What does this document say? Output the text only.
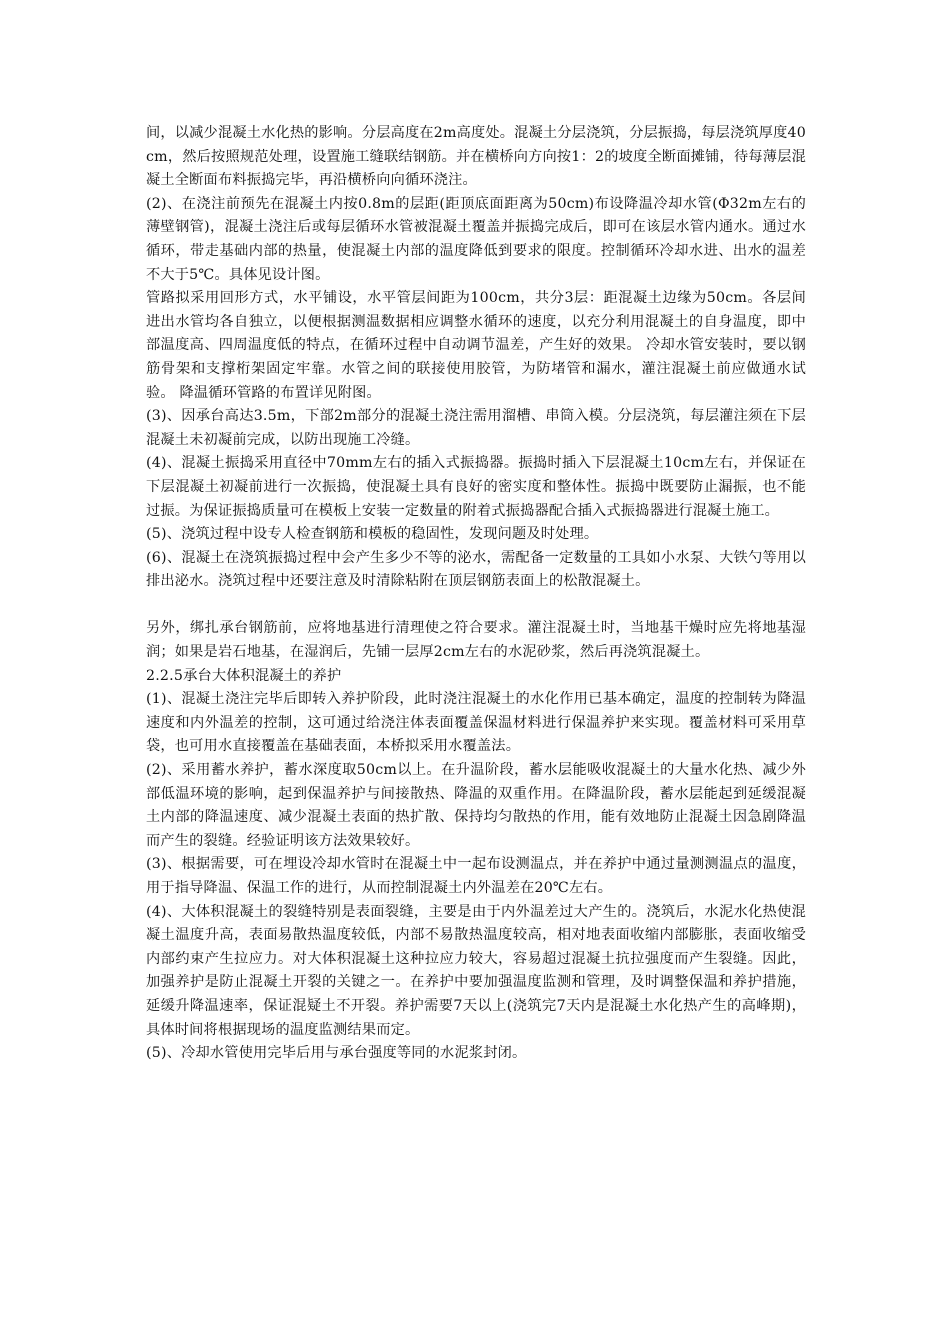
间，以减少混凝土水化热的影响。分层高度在2m高度处。混凝土分层浇筑，分层振捣，每层浇筑厚度40cm，然后按照规范处理，设置施工缝联结钢筋。并在横桥向方向按1：2的坡度全断面摊铺，待每薄层混凝土全断面布料振捣完毕，再沿横桥向向循环浇注。

(2)、在浇注前预先在混凝土内按0.8m的层距(距顶底面距离为50cm)布设降温冷却水管(Φ32m左右的薄壁钢管)，混凝土浇注后或每层循环水管被混凝土覆盖并振捣完成后，即可在该层水管内通水。通过水循环，带走基础内部的热量，使混凝土内部的温度降低到要求的限度。控制循环冷却水进、出水的温差不大于5℃。具体见设计图。

管路拟采用回形方式，水平铺设，水平管层间距为100cm，共分3层：距混凝土边缘为50cm。各层间进出水管均各自独立，以便根据测温数据相应调整水循环的速度，以充分利用混凝土的自身温度，即中部温度高、四周温度低的特点，在循环过程中自动调节温差，产生好的效果。 冷却水管安装时，要以钢筋骨架和支撑桁架固定牢靠。水管之间的联接使用胶管，为防堵管和漏水，灌注混凝土前应做通水试验。 降温循环管路的布置详见附图。

(3)、因承台高达3.5m，下部2m部分的混凝土浇注需用溜槽、串筒入模。分层浇筑，每层灌注须在下层混凝土未初凝前完成，以防出现施工冷缝。

(4)、混凝土振捣采用直径中70mm左右的插入式振捣器。振捣时插入下层混凝土10cm左右，并保证在下层混凝土初凝前进行一次振捣，使混凝土具有良好的密实度和整体性。振捣中既要防止漏振，也不能过振。为保证振捣质量可在模板上安装一定数量的附着式振捣器配合插入式振捣器进行混凝土施工。

(5)、浇筑过程中设专人检查钢筋和模板的稳固性，发现问题及时处理。

(6)、混凝土在浇筑振捣过程中会产生多少不等的泌水，需配备一定数量的工具如小水泵、大铁勺等用以排出泌水。浇筑过程中还要注意及时清除粘附在顶层钢筋表面上的松散混凝土。

另外，绑扎承台钢筋前，应将地基进行清理使之符合要求。灌注混凝土时，当地基干燥时应先将地基湿润；如果是岩石地基，在湿润后，先铺一层厚2cm左右的水泥砂浆，然后再浇筑混凝土。

2.2.5承台大体积混凝土的养护

(1)、混凝土浇注完毕后即转入养护阶段，此时浇注混凝土的水化作用已基本确定，温度的控制转为降温速度和内外温差的控制，这可通过给浇注体表面覆盖保温材料进行保温养护来实现。覆盖材料可采用草袋，也可用水直接覆盖在基础表面，本桥拟采用水覆盖法。

(2)、采用蓄水养护，蓄水深度取50cm以上。在升温阶段，蓄水层能吸收混凝土的大量水化热、减少外部低温环境的影响，起到保温养护与间接散热、降温的双重作用。在降温阶段，蓄水层能起到延缓混凝土内部的降温速度、减少混凝土表面的热扩散、保持均匀散热的作用，能有效地防止混凝土因急剧降温而产生的裂缝。经验证明该方法效果较好。

(3)、根据需要，可在埋设冷却水管时在混凝土中一起布设测温点，并在养护中通过量测测温点的温度，用于指导降温、保温工作的进行，从而控制混凝土内外温差在20℃左右。

(4)、大体积混凝土的裂缝特别是表面裂缝，主要是由于内外温差过大产生的。浇筑后，水泥水化热使混凝土温度升高，表面易散热温度较低，内部不易散热温度较高，相对地表面收缩内部膨胀，表面收缩受内部约束产生拉应力。对大体积混凝土这种拉应力较大，容易超过混凝土抗拉强度而产生裂缝。因此，加强养护是防止混凝土开裂的关键之一。在养护中要加强温度监测和管理，及时调整保温和养护措施，延缓升降温速率，保证混疑土不开裂。养护需要7天以上(浇筑完7天内是混凝土水化热产生的高峰期)，具体时间将根据现场的温度监测结果而定。

(5)、冷却水管使用完毕后用与承台强度等同的水泥浆封闭。
